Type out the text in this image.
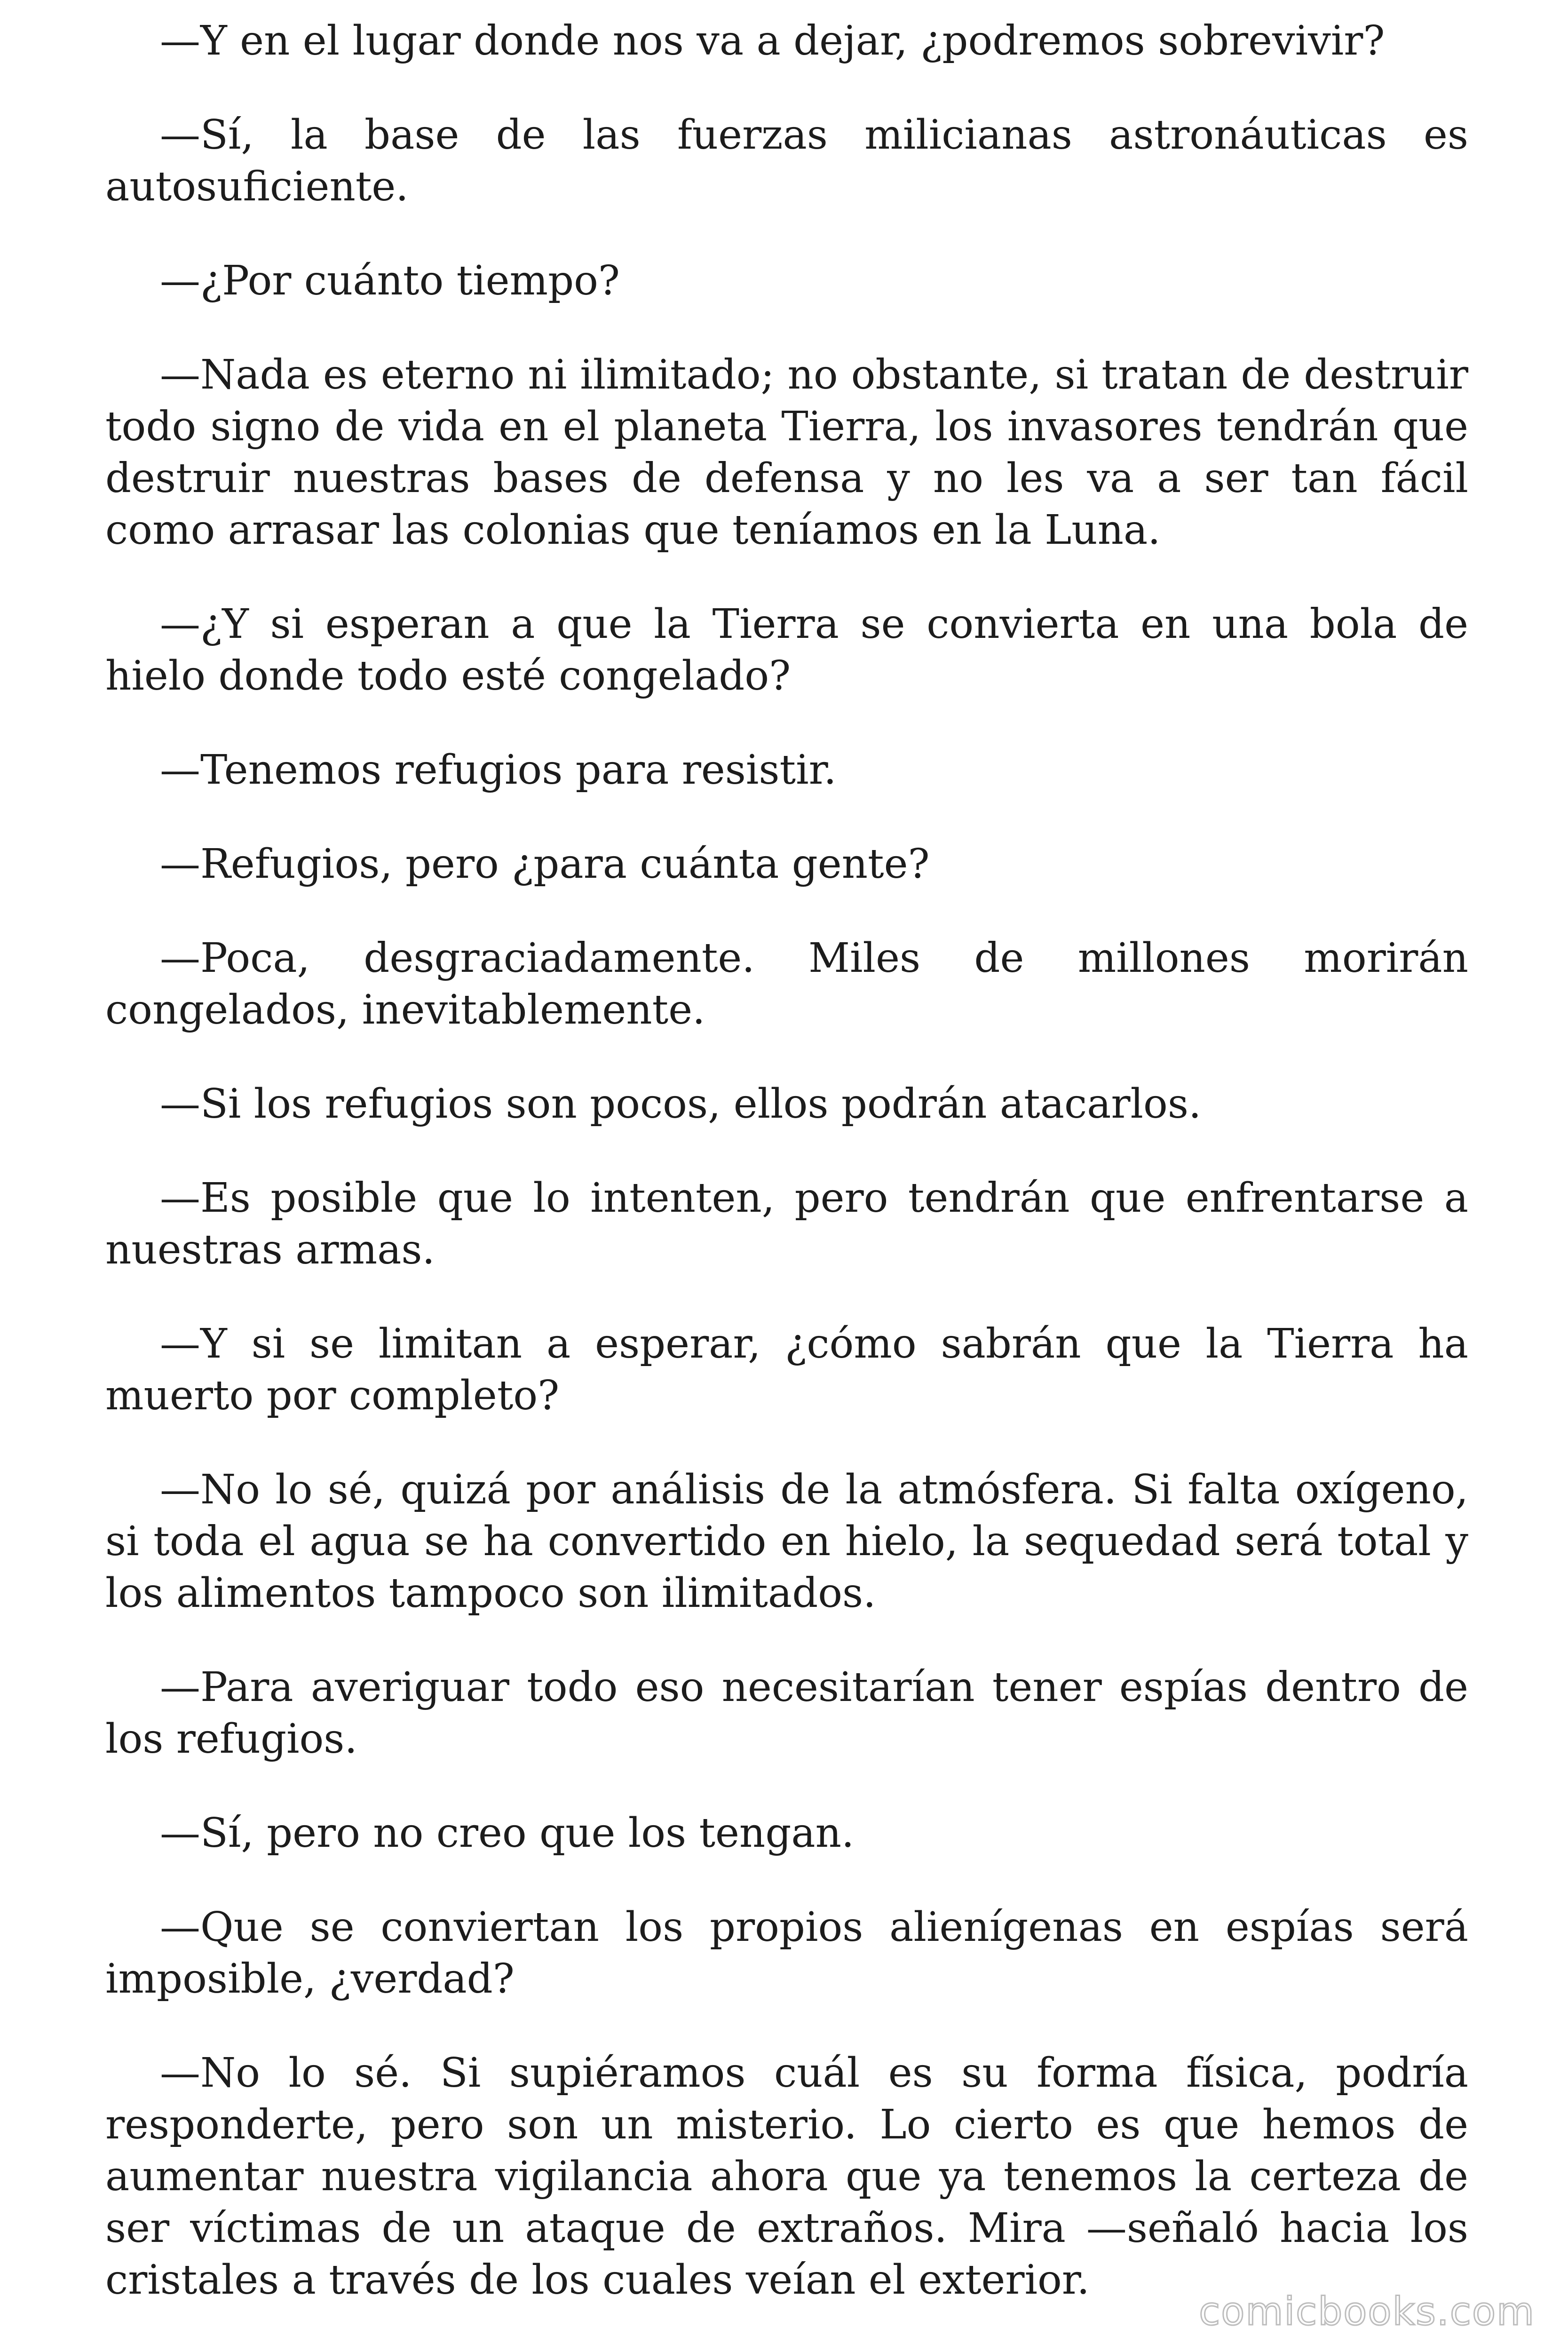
—Y en el lugar donde nos va a dejar, ¿podremos sobrevivir?

—Sí, la base de las fuerzas milicianas astronáuticas es autosuficiente.

—¿Por cuánto tiempo?

—Nada es eterno ni ilimitado; no obstante, si tratan de destruir todo signo de vida en el planeta Tierra, los invasores tendrán que destruir nuestras bases de defensa y no les va a ser tan fácil como arrasar las colonias que teníamos en la Luna.

—¿Y si esperan a que la Tierra se convierta en una bola de hielo donde todo esté congelado?

—Tenemos refugios para resistir.

—Refugios, pero ¿para cuánta gente?

—Poca, desgraciadamente. Miles de millones morirán congelados, inevitablemente.

—Si los refugios son pocos, ellos podrán atacarlos.

—Es posible que lo intenten, pero tendrán que enfrentarse a nuestras armas.

—Y si se limitan a esperar, ¿cómo sabrán que la Tierra ha muerto por completo?

—No lo sé, quizá por análisis de la atmósfera. Si falta oxígeno, si toda el agua se ha convertido en hielo, la sequedad será total y los alimentos tampoco son ilimitados.

—Para averiguar todo eso necesitarían tener espías dentro de los refugios.

—Sí, pero no creo que los tengan.

—Que se conviertan los propios alienígenas en espías será imposible, ¿verdad?

—No lo sé. Si supiéramos cuál es su forma física, podría responderte, pero son un misterio. Lo cierto es que hemos de aumentar nuestra vigilancia ahora que ya tenemos la certeza de ser víctimas de un ataque de extraños. Mira —señaló hacia los cristales a través de los cuales veían el exterior.

comicbooks.com
